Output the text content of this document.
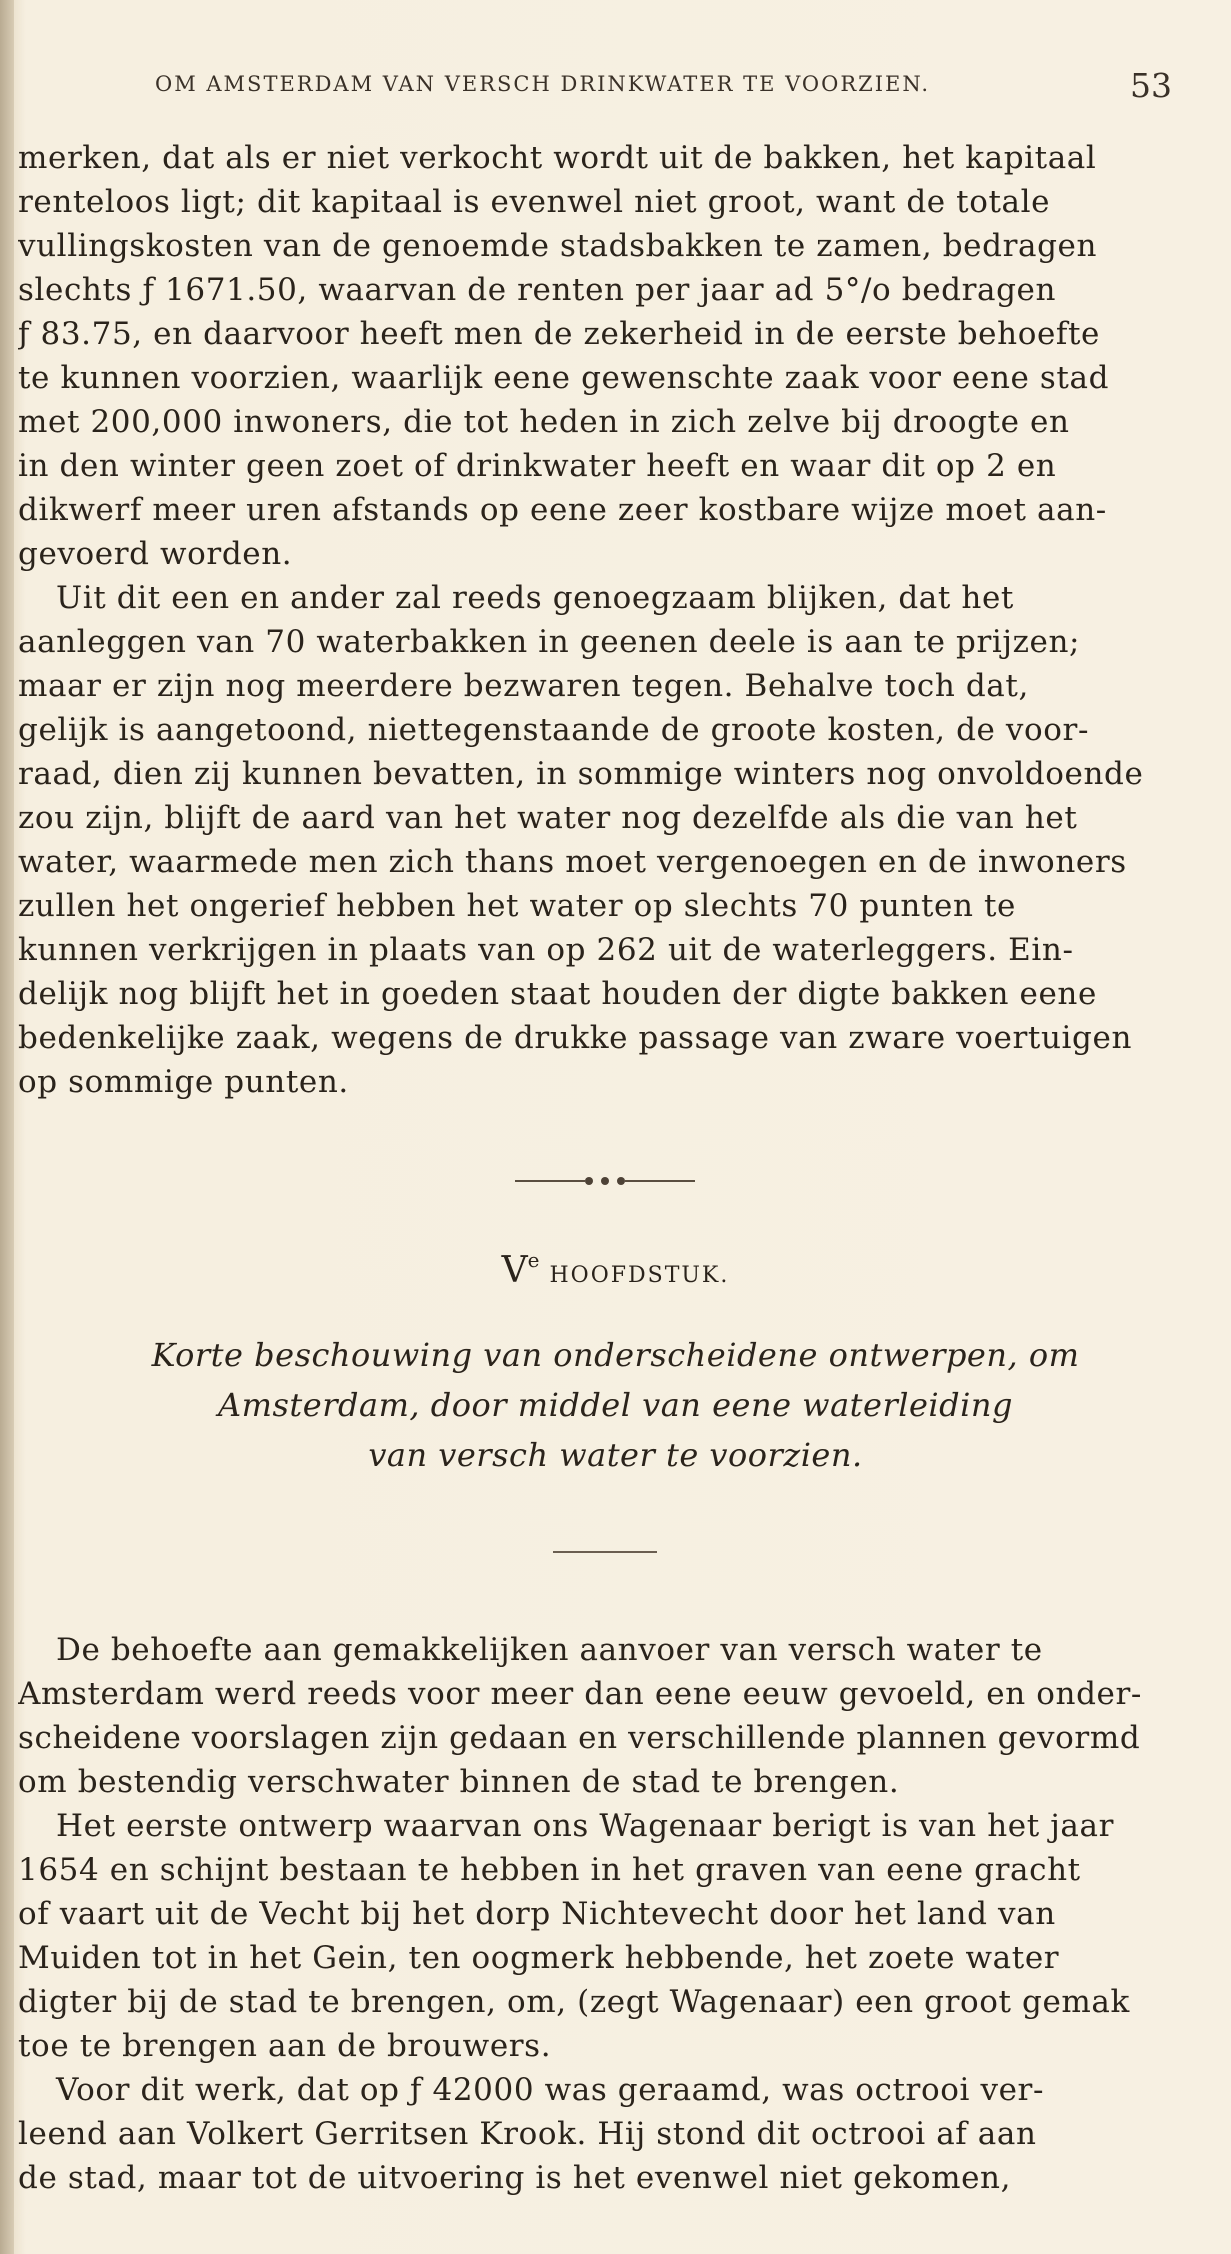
OM AMSTERDAM VAN VERSCH DRINKWATER TE VOORZIEN.	53
merken, dat als er niet verkocht wordt uit de bakken, het kapitaal
renteloos ligt; dit kapitaal is evenwel niet groot, want de totale
vullingskosten van de genoemde stadsbakken te zamen, bedragen
slechts ƒ 1671.50, waarvan de renten per jaar ad 5°/o bedragen
ƒ 83.75, en daarvoor heeft men de zekerheid in de eerste behoefte
te kunnen voorzien, waarlijk eene gewenschte zaak voor eene stad
met 200,000 inwoners, die tot heden in zich zelve bij droogte en
in den winter geen zoet of drinkwater heeft en waar dit op 2 en
dikwerf meer uren afstands op eene zeer kostbare wijze moet aan-
gevoerd worden.
Uit dit een en ander zal reeds genoegzaam blijken, dat het
aanleggen van 70 waterbakken in geenen deele is aan te prijzen;
maar er zijn nog meerdere bezwaren tegen. Behalve toch dat,
gelijk is aangetoond, niettegenstaande de groote kosten, de voor-
raad, dien zij kunnen bevatten, in sommige winters nog onvoldoende
zou zijn, blijft de aard van het water nog dezelfde als die van het
water, waarmede men zich thans moet vergenoegen en de inwoners
zullen het ongerief hebben het water op slechts 70 punten te
kunnen verkrijgen in plaats van op 262 uit de waterleggers. Ein-
delijk nog blijft het in goeden staat houden der digte bakken eene
bedenkelijke zaak, wegens de drukke passage van zware voertuigen
op sommige punten.
VeHOOFDSTUK.
Korte beschouwing van onderscheidene ontwerpen, om
Amsterdam, door middel van eene waterleiding
van versch water te voorzien.
De behoefte aan gemakkelijken aanvoer van versch water te
Amsterdam werd reeds voor meer dan eene eeuw gevoeld, en onder-
scheidene voorslagen zijn gedaan en verschillende plannen gevormd
om bestendig verschwater binnen de stad te brengen.
Het eerste ontwerp waarvan ons Wagenaar berigt is van het jaar
1654 en schijnt bestaan te hebben in het graven van eene gracht
of vaart uit de Vecht bij het dorp Nichtevecht door het land van
Muiden tot in het Gein, ten oogmerk hebbende, het zoete water
digter bij de stad te brengen, om, (zegt Wagenaar) een groot gemak
toe te brengen aan de brouwers.
Voor dit werk, dat op ƒ 42000 was geraamd, was octrooi ver-
leend aan Volkert Gerritsen Krook. Hij stond dit octrooi af aan
de stad, maar tot de uitvoering is het evenwel niet gekomen,
